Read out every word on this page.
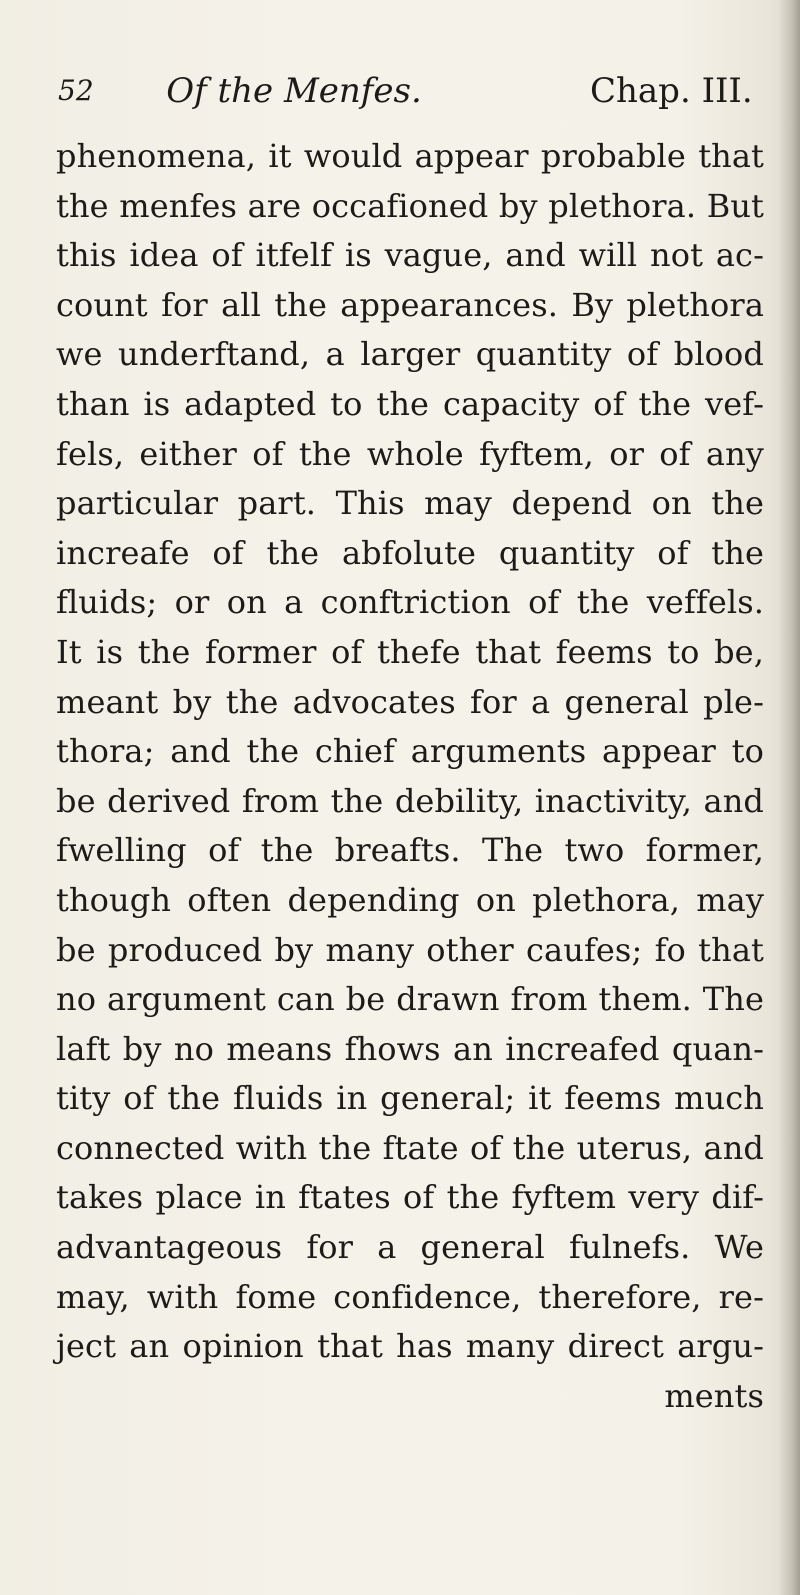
52 Of the Menfes.	Chap. III.
phenomena, it would appear probable that
the menfes are occafioned by plethora. But
this idea of itfelf is vague, and will not ac-
count for all the appearances. By plethora
we underftand, a larger quantity of blood
than is adapted to the capacity of the vef-
fels, either of the whole fyftem, or of any
particular part. This may depend on the
increafe of the abfolute quantity of the
fluids; or on a conftriction of the veffels.
It is the former of thefe that feems to be,
meant by the advocates for a general ple-
thora; and the chief arguments appear to
be derived from the debility, inactivity, and
fwelling of the breafts. The two former,
though often depending on plethora, may
be produced by many other caufes; fo that
no argument can be drawn from them. The
laft by no means fhows an increafed quan-
tity of the fluids in general; it feems much
connected with the ftate of the uterus, and
takes place in ftates of the fyftem very dif-
advantageous for a general fulnefs. We
may, with fome confidence, therefore, re-
ject an opinion that has many direct argu-
ments
